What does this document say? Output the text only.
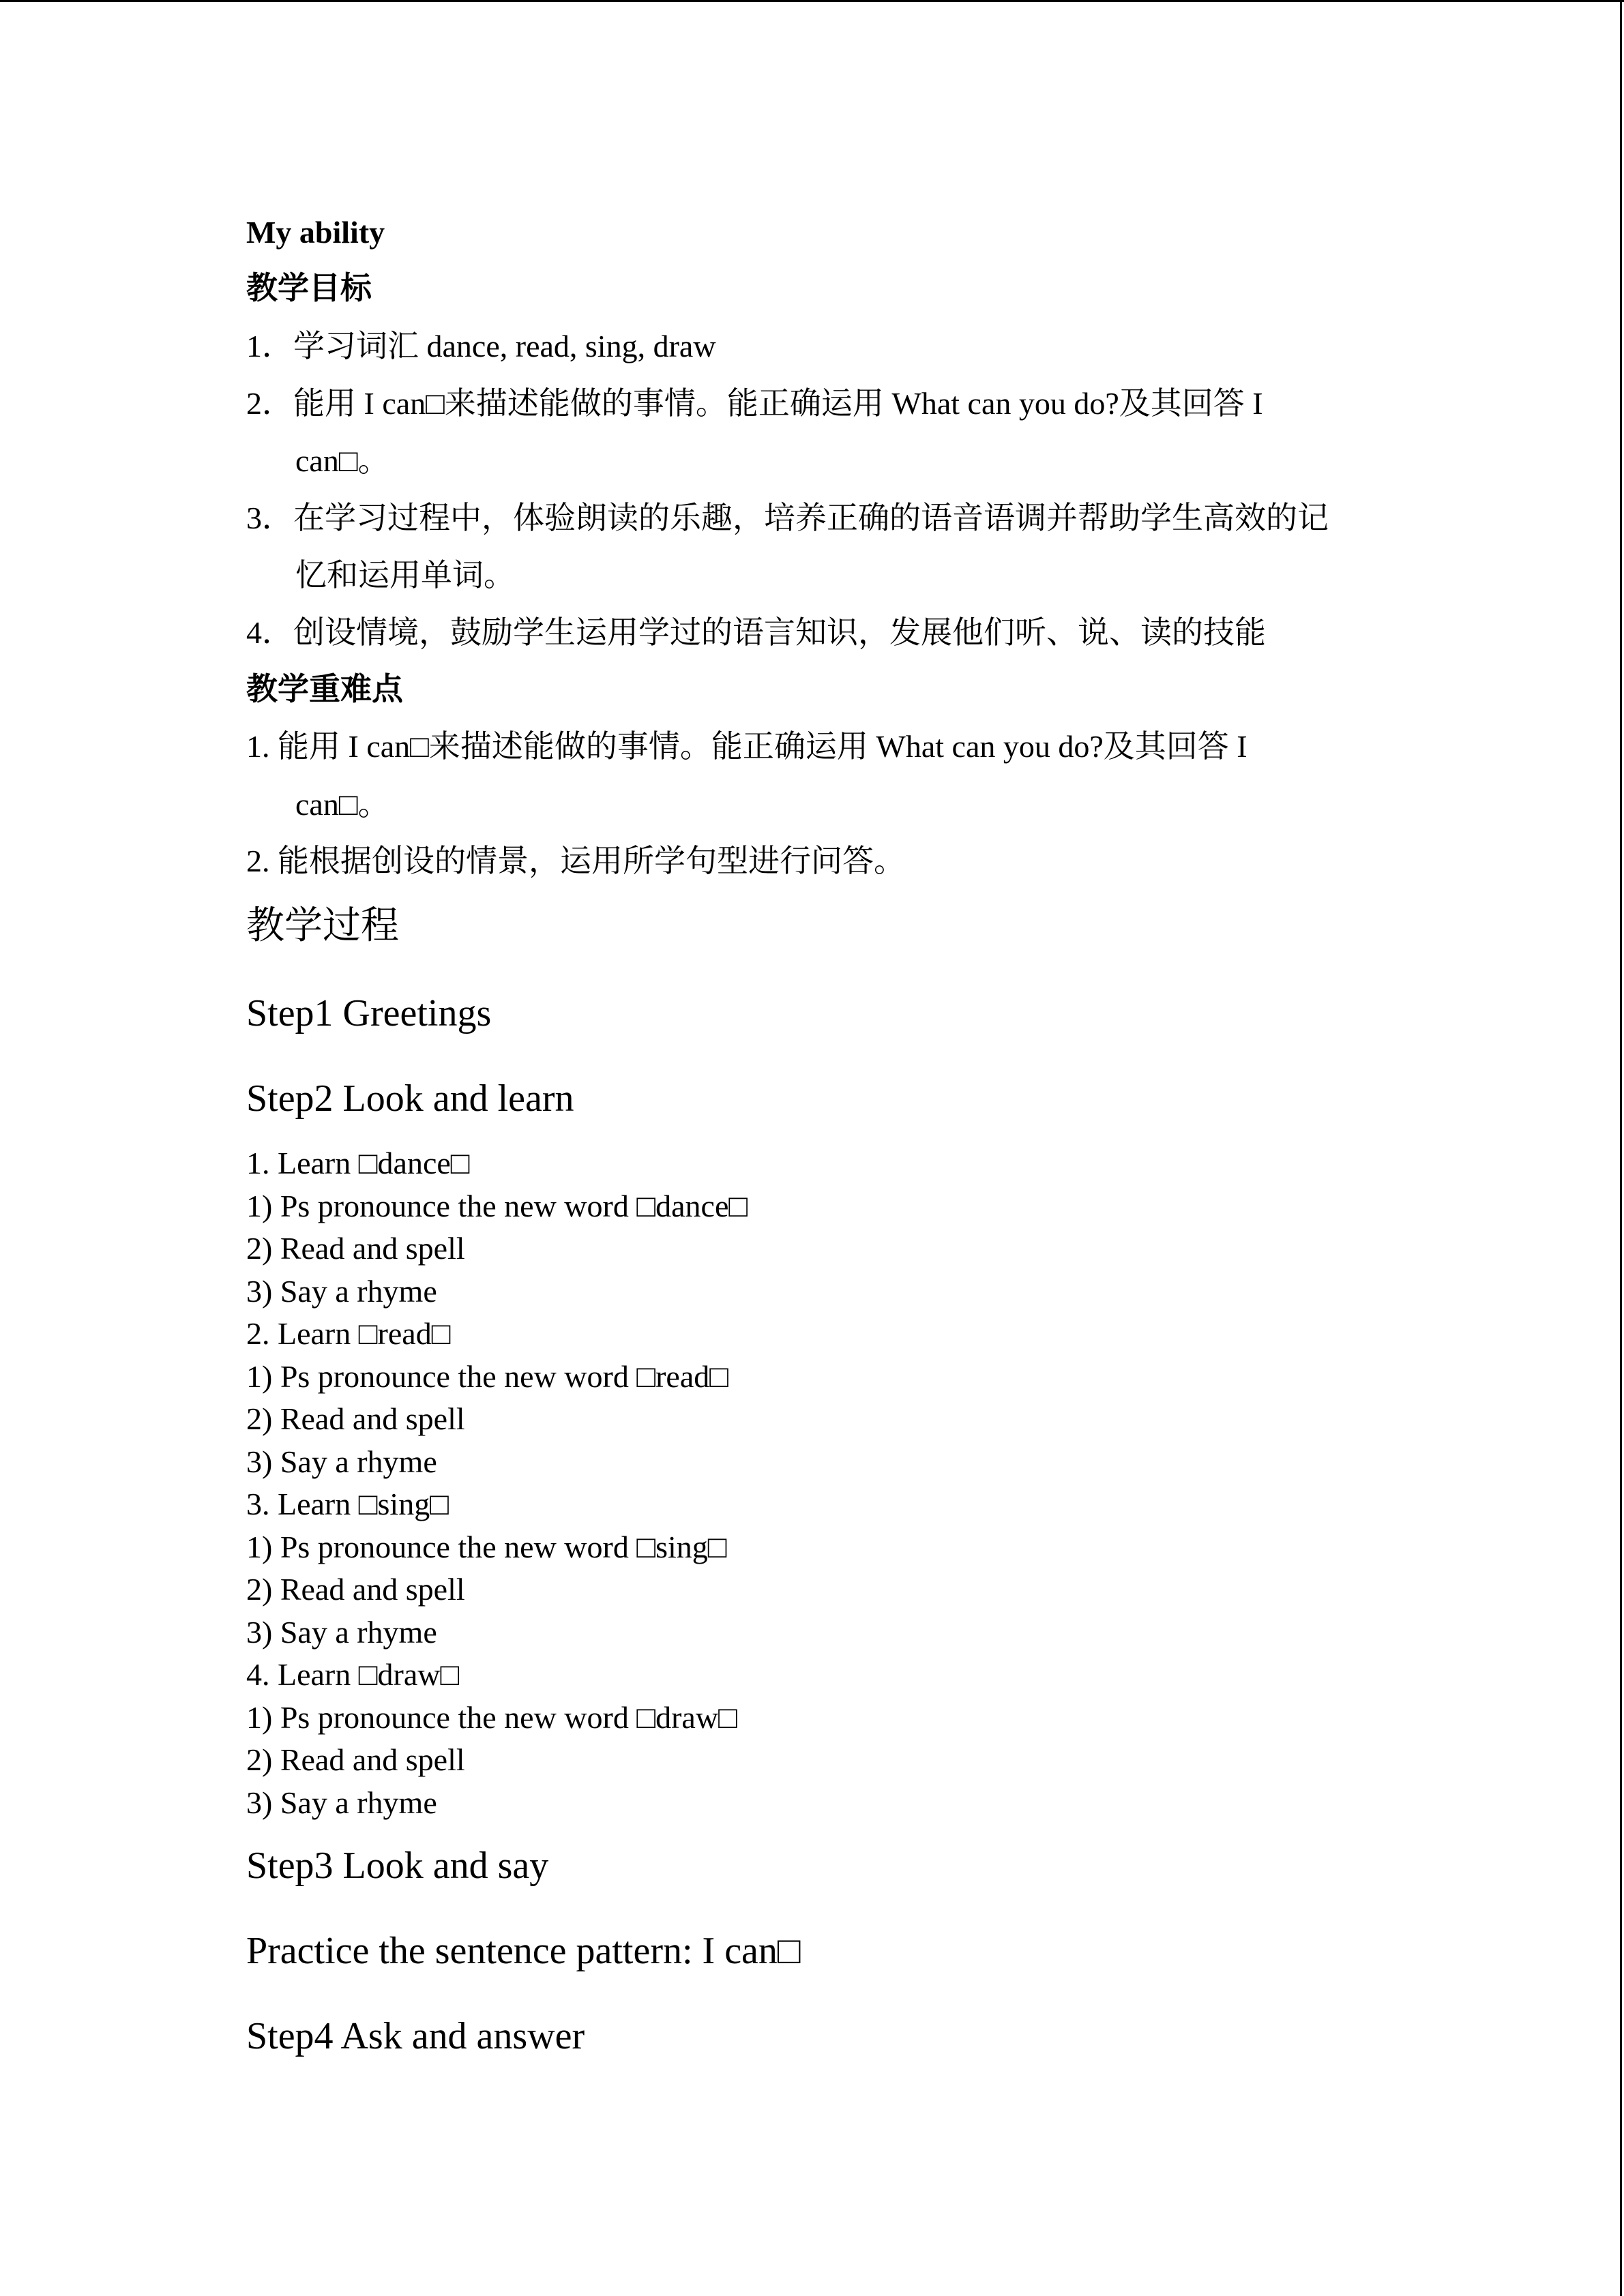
My ability
教学目标
1．学习词汇 dance, read, sing, draw
2．能用 I can□来描述能做的事情。能正确运用 What can you do?及其回答 I
can□。
3．在学习过程中，体验朗读的乐趣，培养正确的语音语调并帮助学生高效的记
忆和运用单词。
4．创设情境，鼓励学生运用学过的语言知识，发展他们听、说、读的技能
教学重难点
1. 能用 I can□来描述能做的事情。能正确运用 What can you do?及其回答 I
can□。
2. 能根据创设的情景，运用所学句型进行问答。
教学过程
Step1 Greetings
Step2 Look and learn
1. Learn □dance□
1) Ps pronounce the new word □dance□
2) Read and spell
3) Say a rhyme
2. Learn □read□
1) Ps pronounce the new word □read□
2) Read and spell
3) Say a rhyme
3. Learn □sing□
1) Ps pronounce the new word □sing□
2) Read and spell
3) Say a rhyme
4. Learn □draw□
1) Ps pronounce the new word □draw□
2) Read and spell
3) Say a rhyme
Step3 Look and say
Practice the sentence pattern: I can□
Step4 Ask and answer
